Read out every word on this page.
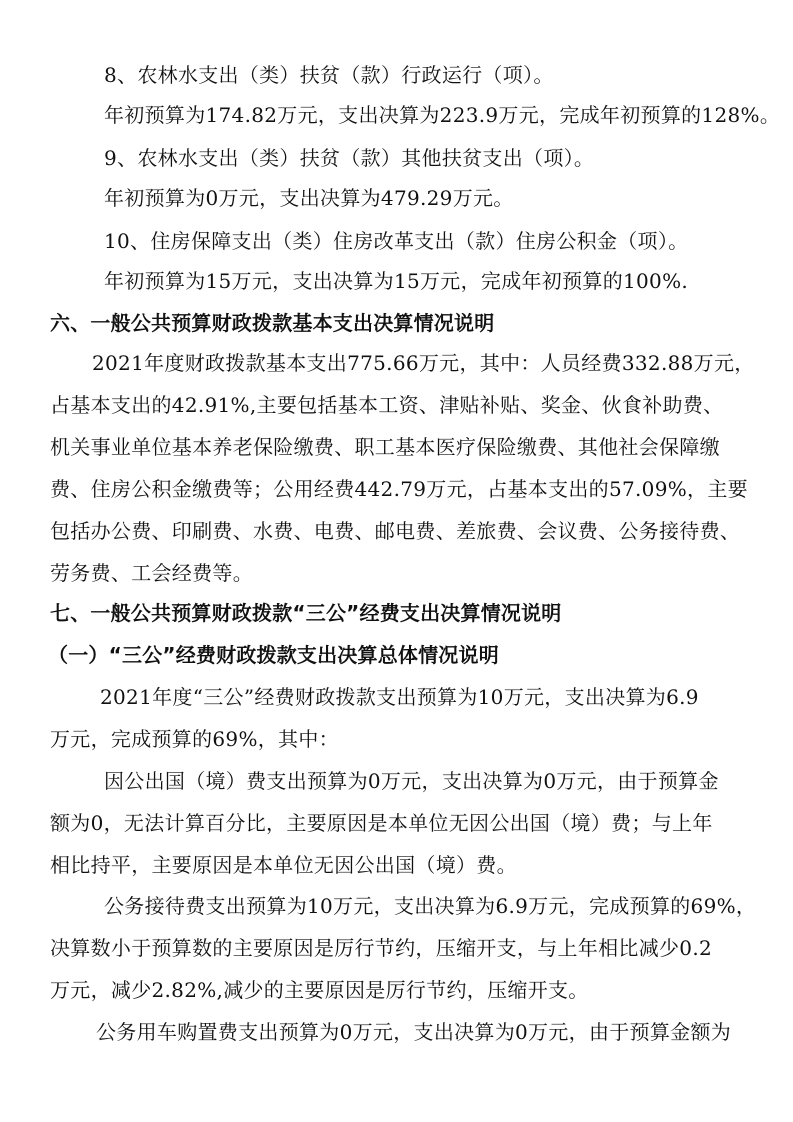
8、农林水支出（类）扶贫（款）行政运行（项）。
年初预算为174.82万元，支出决算为223.9万元，完成年初预算的128%。
9、农林水支出（类）扶贫（款）其他扶贫支出（项）。
年初预算为0万元，支出决算为479.29万元。
10、住房保障支出（类）住房改革支出（款）住房公积金（项）。
年初预算为15万元，支出决算为15万元，完成年初预算的100%.
六、一般公共预算财政拨款基本支出决算情况说明
2021年度财政拨款基本支出775.66万元，其中：人员经费332.88万元，
占基本支出的42.91%,主要包括基本工资、津贴补贴、奖金、伙食补助费、
机关事业单位基本养老保险缴费、职工基本医疗保险缴费、其他社会保障缴
费、住房公积金缴费等；公用经费442.79万元，占基本支出的57.09%，主要
包括办公费、印刷费、水费、电费、邮电费、差旅费、会议费、公务接待费、
劳务费、工会经费等。
七、一般公共预算财政拨款“三公”经费支出决算情况说明
（一）“三公”经费财政拨款支出决算总体情况说明
2021年度“三公”经费财政拨款支出预算为10万元，支出决算为6.9
万元，完成预算的69%，其中：
因公出国（境）费支出预算为0万元，支出决算为0万元，由于预算金
额为0，无法计算百分比，主要原因是本单位无因公出国（境）费；与上年
相比持平，主要原因是本单位无因公出国（境）费。
公务接待费支出预算为10万元，支出决算为6.9万元，完成预算的69%，
决算数小于预算数的主要原因是厉行节约，压缩开支，与上年相比减少0.2
万元，减少2.82%,减少的主要原因是厉行节约，压缩开支。
公务用车购置费支出预算为0万元，支出决算为0万元，由于预算金额为
